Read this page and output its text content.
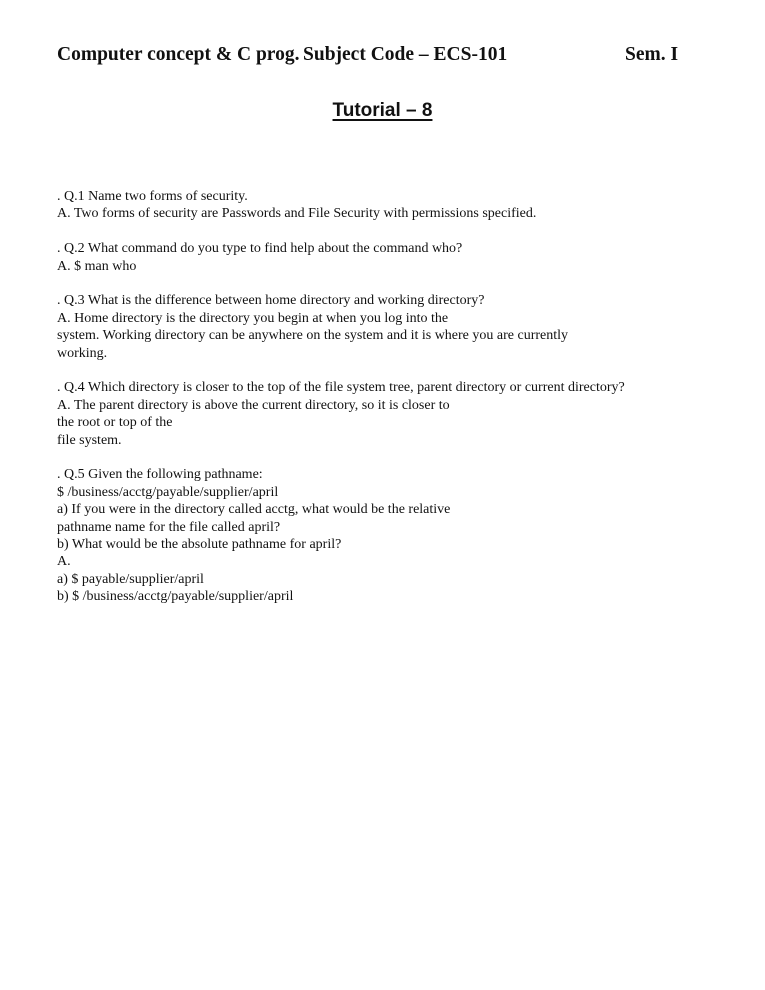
Computer concept & C prog. Subject Code – ECS-101	Sem. I
Tutorial – 8
. Q.1 Name two forms of security.
A. Two forms of security are Passwords and File Security with permissions specified.
. Q.2 What command do you type to find help about the command who?
A. $ man who
. Q.3 What is the difference between home directory and working directory?
A. Home directory is the directory you begin at when you log into the
system. Working directory can be anywhere on the system and it is where you are currently
working.
. Q.4 Which directory is closer to the top of the file system tree, parent directory or current directory?
A. The parent directory is above the current directory, so it is closer to
the root or top of the
file system.
. Q.5 Given the following pathname:
$ /business/acctg/payable/supplier/april
a) If you were in the directory called acctg, what would be the relative
pathname name for the file called april?
b) What would be the absolute pathname for april?
A.
a) $ payable/supplier/april
b) $ /business/acctg/payable/supplier/april
